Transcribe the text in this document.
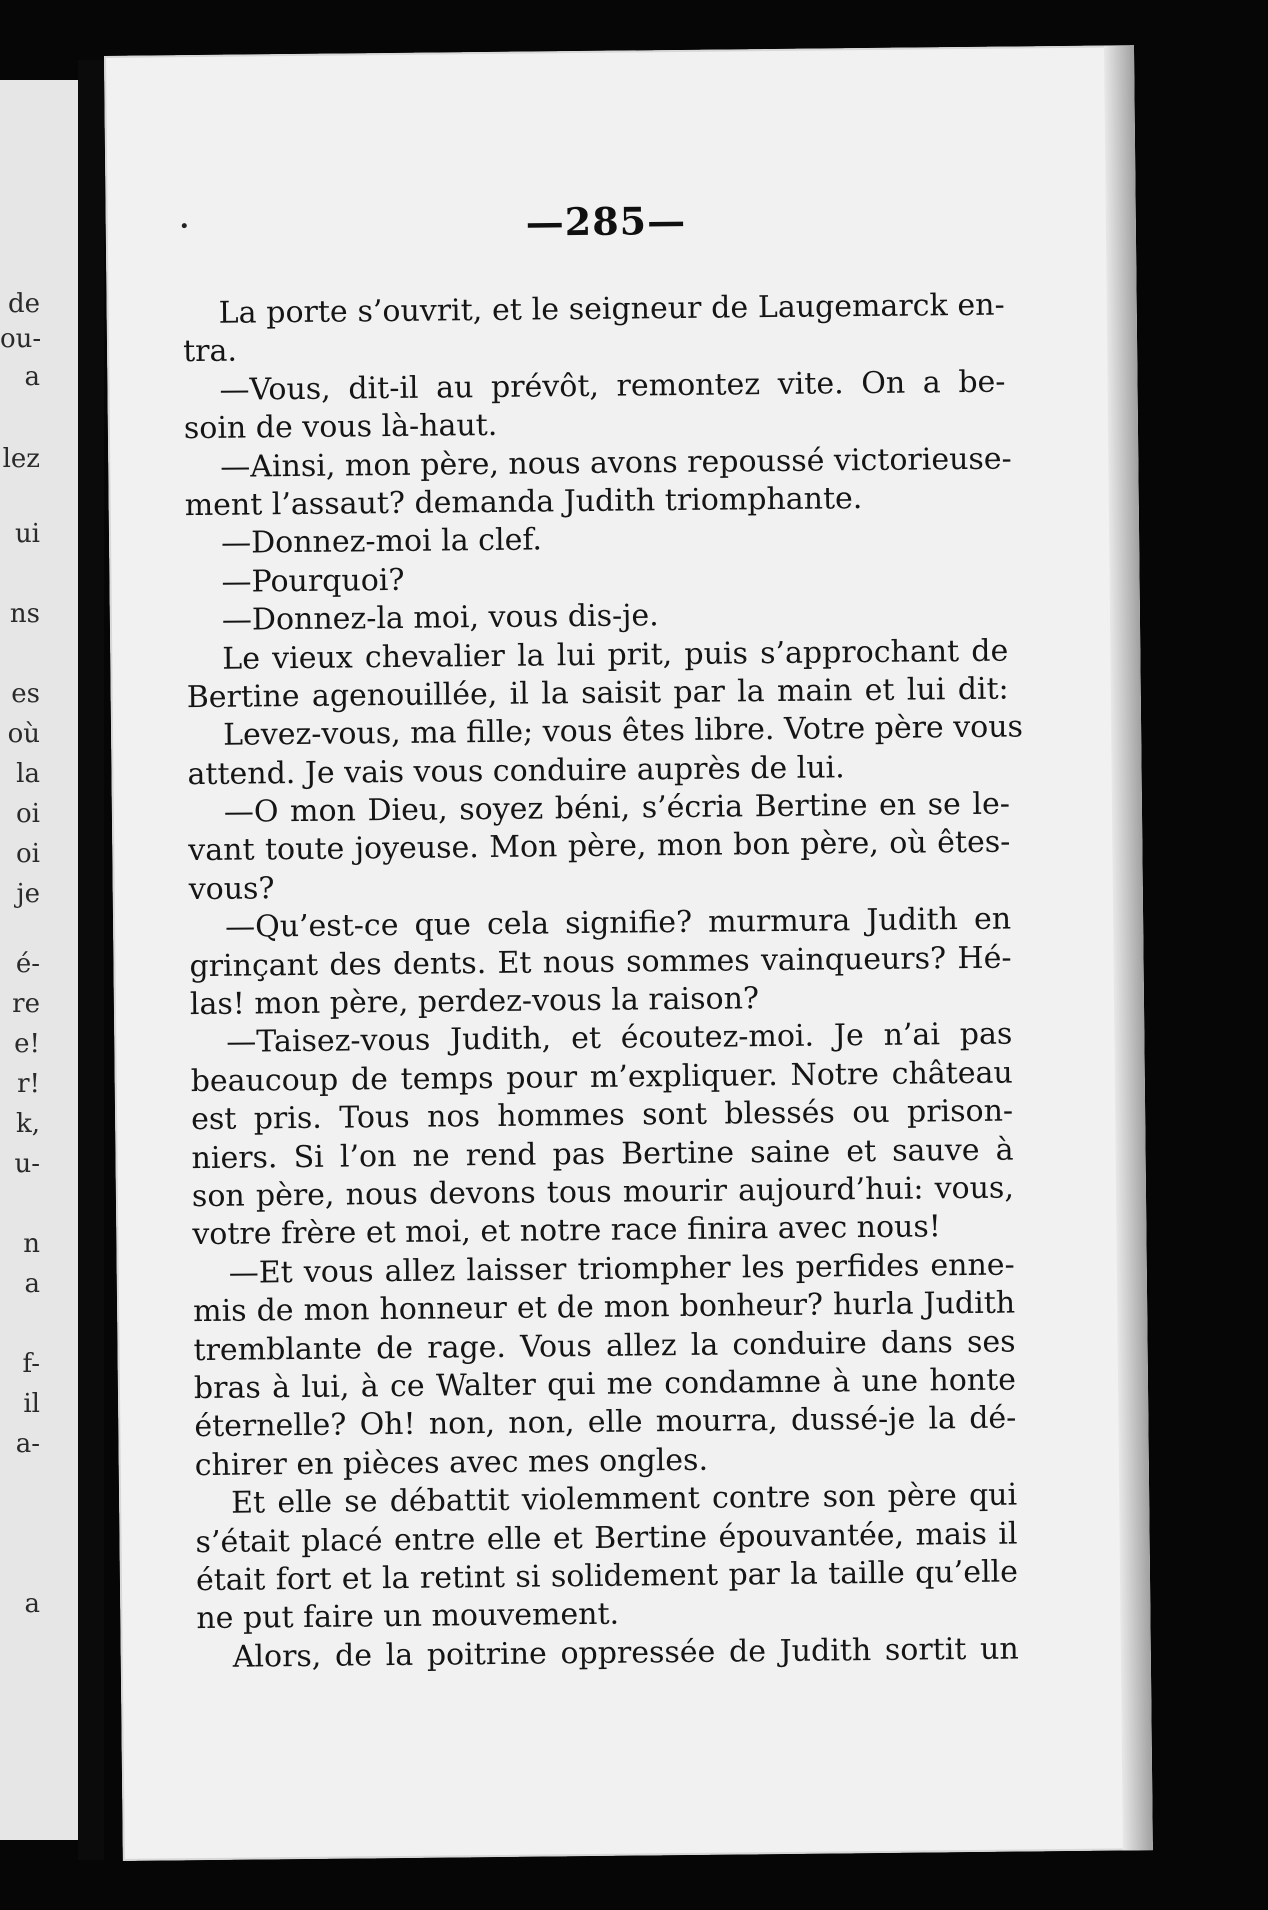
de
ou-
a
lez
ui
ns
es
où
la
oi
oi
je
é-
re
e!
r!
k,
u-
n
a
f-
il
a-
a
—285—
La porte s’ouvrit, et le seigneur de Laugemarck en-
tra.
—Vous, dit-il au prévôt, remontez vite. On a be-
soin de vous là-haut.
—Ainsi, mon père, nous avons repoussé victorieuse-
ment l’assaut? demanda Judith triomphante.
—Donnez-moi la clef.
—Pourquoi?
—Donnez-la moi, vous dis-je.
Le vieux chevalier la lui prit, puis s’approchant de
Bertine agenouillée, il la saisit par la main et lui dit:
Levez-vous, ma fille; vous êtes libre. Votre père vous
attend. Je vais vous conduire auprès de lui.
—O mon Dieu, soyez béni, s’écria Bertine en se le-
vant toute joyeuse. Mon père, mon bon père, où êtes-
vous?
—Qu’est-ce que cela signifie? murmura Judith en
grinçant des dents. Et nous sommes vainqueurs? Hé-
las! mon père, perdez-vous la raison?
—Taisez-vous Judith, et écoutez-moi. Je n’ai pas
beaucoup de temps pour m’expliquer. Notre château
est pris. Tous nos hommes sont blessés ou prison-
niers. Si l’on ne rend pas Bertine saine et sauve à
son père, nous devons tous mourir aujourd’hui: vous,
votre frère et moi, et notre race finira avec nous!
—Et vous allez laisser triompher les perfides enne-
mis de mon honneur et de mon bonheur? hurla Judith
tremblante de rage. Vous allez la conduire dans ses
bras à lui, à ce Walter qui me condamne à une honte
éternelle? Oh! non, non, elle mourra, dussé-je la dé-
chirer en pièces avec mes ongles.
Et elle se débattit violemment contre son père qui
s’était placé entre elle et Bertine épouvantée, mais il
était fort et la retint si solidement par la taille qu’elle
ne put faire un mouvement.
Alors, de la poitrine oppressée de Judith sortit un
